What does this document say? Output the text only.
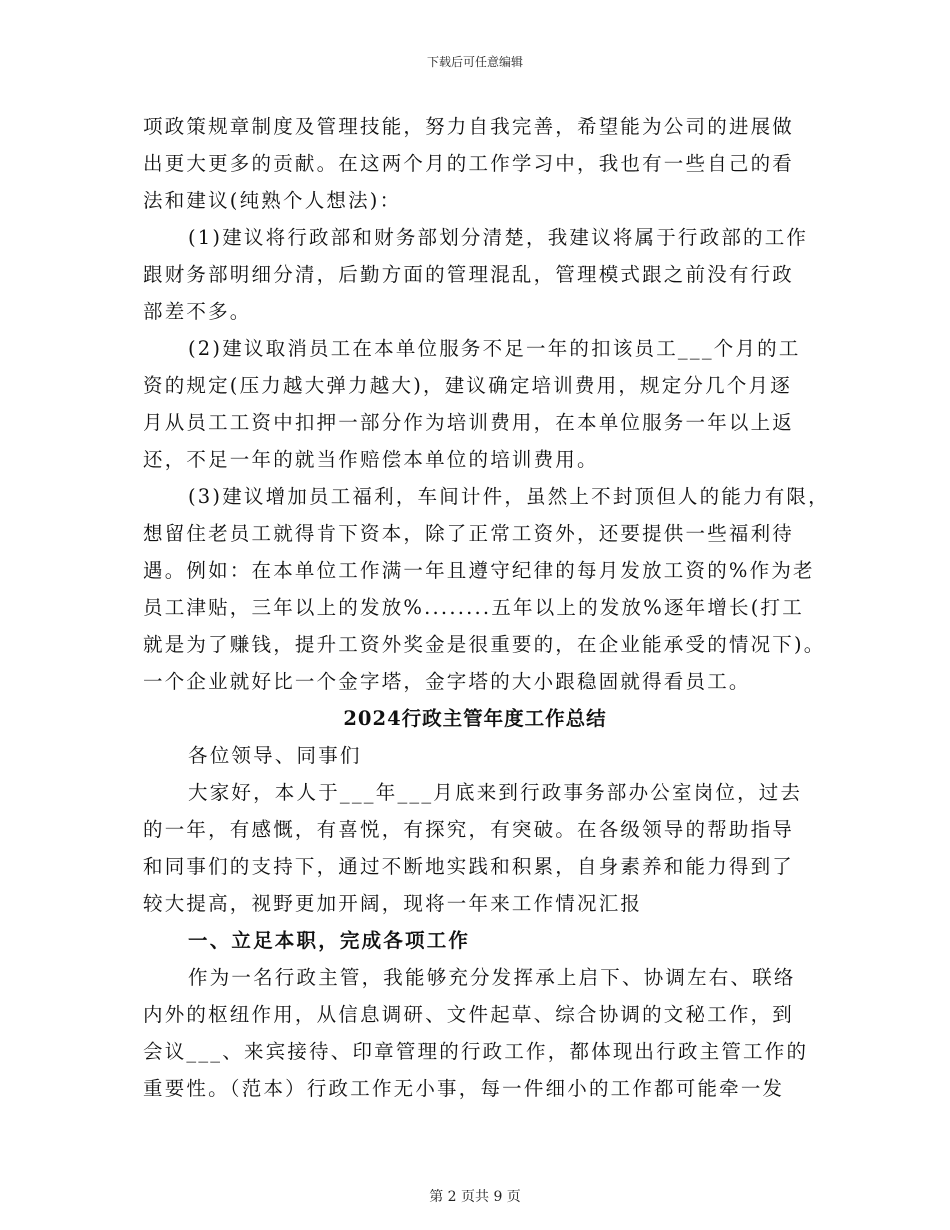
下载后可任意编辑
项政策规章制度及管理技能，努力自我完善，希望能为公司的进展做
出更大更多的贡献。在这两个月的工作学习中，我也有一些自己的看
法和建议(纯熟个人想法)：
(1)建议将行政部和财务部划分清楚，我建议将属于行政部的工作
跟财务部明细分清，后勤方面的管理混乱，管理模式跟之前没有行政
部差不多。
(2)建议取消员工在本单位服务不足一年的扣该员工___个月的工
资的规定(压力越大弹力越大)，建议确定培训费用，规定分几个月逐
月从员工工资中扣押一部分作为培训费用，在本单位服务一年以上返
还，不足一年的就当作赔偿本单位的培训费用。
(3)建议增加员工福利，车间计件，虽然上不封顶但人的能力有限，
想留住老员工就得肯下资本，除了正常工资外，还要提供一些福利待
遇。例如：在本单位工作满一年且遵守纪律的每月发放工资的%作为老
员工津贴，三年以上的发放%........五年以上的发放%逐年增长(打工
就是为了赚钱，提升工资外奖金是很重要的，在企业能承受的情况下)。
一个企业就好比一个金字塔，金字塔的大小跟稳固就得看员工。
2024行政主管年度工作总结
各位领导、同事们
大家好，本人于___年___月底来到行政事务部办公室岗位，过去
的一年，有感慨，有喜悦，有探究，有突破。在各级领导的帮助指导
和同事们的支持下，通过不断地实践和积累，自身素养和能力得到了
较大提高，视野更加开阔，现将一年来工作情况汇报
一、立足本职，完成各项工作
作为一名行政主管，我能够充分发挥承上启下、协调左右、联络
内外的枢纽作用，从信息调研、文件起草、综合协调的文秘工作，到
会议___、来宾接待、印章管理的行政工作，都体现出行政主管工作的
重要性。（范本）行政工作无小事，每一件细小的工作都可能牵一发
第 2 页共 9 页
